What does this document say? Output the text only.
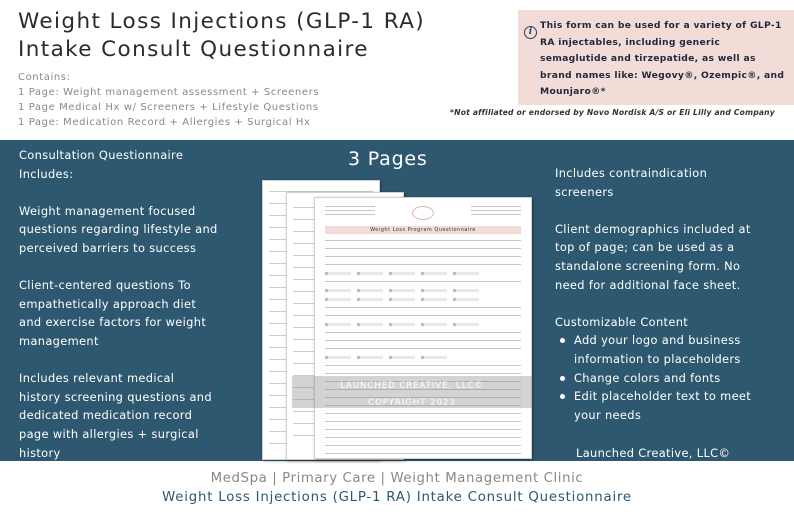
Weight Loss Injections (GLP-1 RA)
Intake Consult Questionnaire
Contains:
1 Page: Weight management assessment + Screeners
1 Page Medical Hx w/ Screeners + Lifestyle Questions
1 Page: Medication Record + Allergies + Surgical Hx
i
This form can be used for a variety of GLP-1
RA injectables, including generic
semaglutide and tirzepatide, as well as
brand names like: Wegovy®, Ozempic®, and
Mounjaro®*
*Not affiliated or endorsed by Novo Nordisk A/S or Eli Lilly and Company
Consultation Questionnaire
Includes:
Weight management focused
questions regarding lifestyle and
perceived barriers to success
Client-centered questions To
empathetically approach diet
and exercise factors for weight
management
Includes relevant medical
history screening questions and
dedicated medication record
page with allergies + surgical
history
3 Pages
Weight Loss Program Questionnaire
LAUNCHED CREATIVE, LLC©
COPYRIGHT 2023
Includes contraindication
screeners
Client demographics included at
top of page; can be used as a
standalone screening form. No
need for additional face sheet.
Customizable Content
Add your logo and business
information to placeholders
Change colors and fonts
Edit placeholder text to meet
your needs
Launched Creative, LLC©
MedSpa | Primary Care | Weight Management Clinic
Weight Loss Injections (GLP-1 RA) Intake Consult Questionnaire
